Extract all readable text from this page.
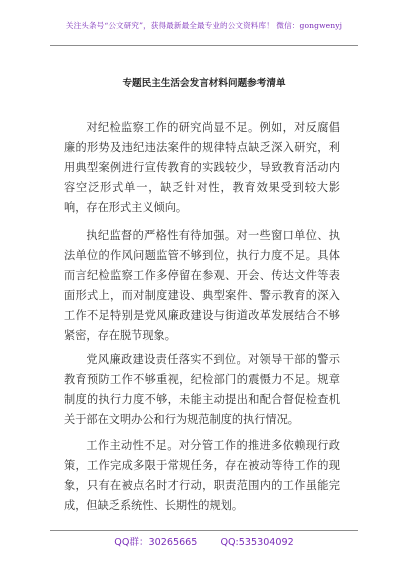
关注头条号“公文研究”，获得最新最全最专业的公文资料库！ 微信：gongwenyj
专题民主生活会发言材料问题参考清单

对纪检监察工作的研究尚显不足。例如，对反腐倡廉的形势及违纪违法案件的规律特点缺乏深入研究，利用典型案例进行宣传教育的实践较少，导致教育活动内容空泛形式单一，缺乏针对性，教育效果受到较大影响，存在形式主义倾向。

执纪监督的严格性有待加强。对一些窗口单位、执法单位的作风问题监管不够到位，执行力度不足。具体而言纪检监察工作多停留在参观、开会、传达文件等表面形式上，而对制度建设、典型案件、警示教育的深入工作不足特别是党风廉政建设与街道改革发展结合不够紧密，存在脱节现象。

党风廉政建设责任落实不到位。对领导干部的警示教育预防工作不够重视，纪检部门的震慑力不足。规章制度的执行力度不够，未能主动提出和配合督促检查机关于部在文明办公和行为规范制度的执行情况。

工作主动性不足。对分管工作的推进多依赖现行政策，工作完成多限于常规任务，存在被动等待工作的现象，只有在被点名时才行动，职责范围内的工作虽能完成，但缺乏系统性、长期性的规划。

QQ群：30265665 QQ:535304092
